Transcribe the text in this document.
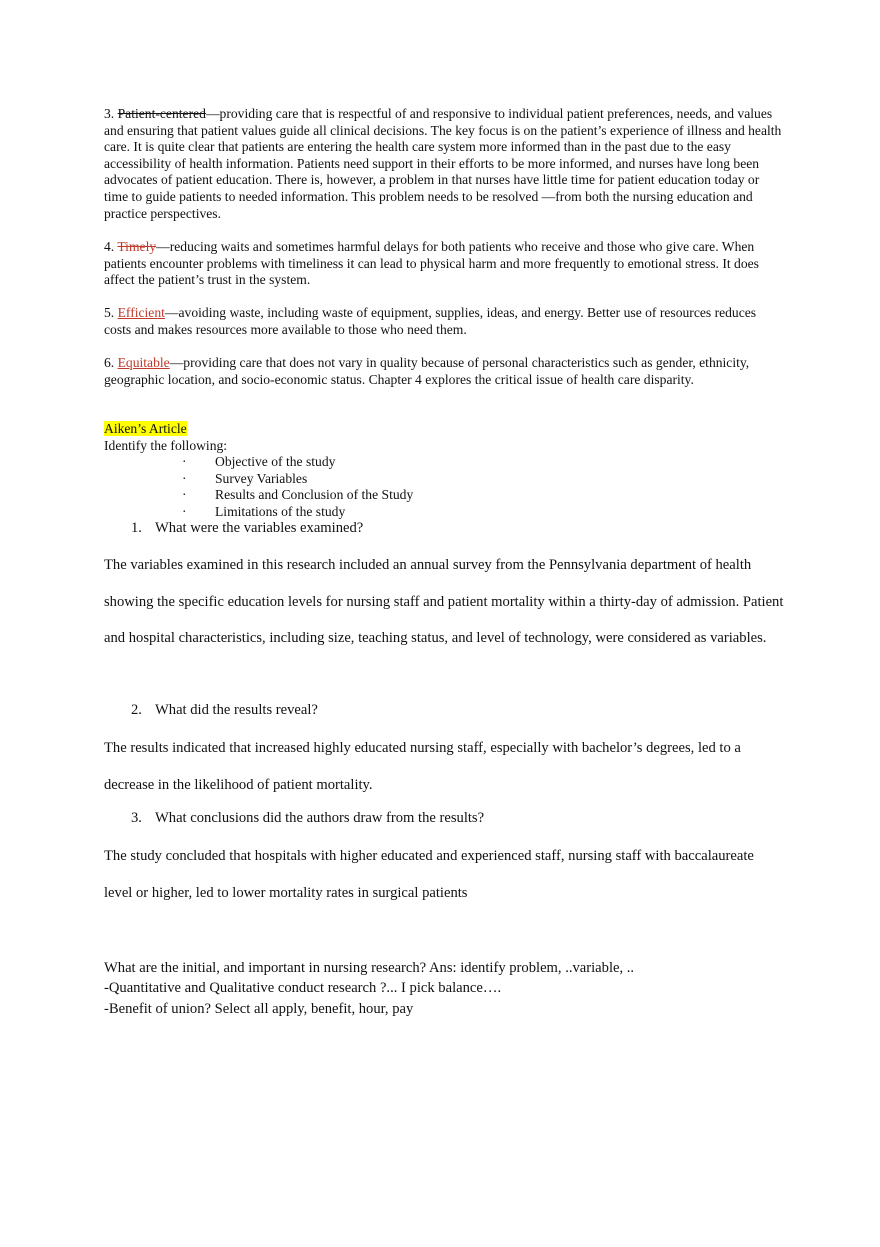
3. Patient-centered—providing care that is respectful of and responsive to individual patient preferences, needs, and values and ensuring that patient values guide all clinical decisions. The key focus is on the patient’s experience of illness and health care. It is quite clear that patients are entering the health care system more informed than in the past due to the easy accessibility of health information. Patients need support in their efforts to be more informed, and nurses have long been advocates of patient education. There is, however, a problem in that nurses have little time for patient education today or time to guide patients to needed information. This problem needs to be resolved —from both the nursing education and practice perspectives.

4. Timely—reducing waits and sometimes harmful delays for both patients who receive and those who give care. When patients encounter problems with timeliness it can lead to physical harm and more frequently to emotional stress. It does affect the patient’s trust in the system.

5. Efficient—avoiding waste, including waste of equipment, supplies, ideas, and energy. Better use of resources reduces costs and makes resources more available to those who need them.

6. Equitable—providing care that does not vary in quality because of personal characteristics such as gender, ethnicity, geographic location, and socio-economic status. Chapter 4 explores the critical issue of health care disparity.

Aiken’s Article
Identify the following:
· Objective of the study
· Survey Variables
· Results and Conclusion of the Study
· Limitations of the study
1. What were the variables examined?

The variables examined in this research included an annual survey from the Pennsylvania department of health showing the specific education levels for nursing staff and patient mortality within a thirty-day of admission. Patient and hospital characteristics, including size, teaching status, and level of technology, were considered as variables.

2. What did the results reveal?

The results indicated that increased highly educated nursing staff, especially with bachelor’s degrees, led to a decrease in the likelihood of patient mortality.

3. What conclusions did the authors draw from the results?

The study concluded that hospitals with higher educated and experienced staff, nursing staff with baccalaureate level or higher, led to lower mortality rates in surgical patients

What are the initial, and important in nursing research? Ans: identify problem, ..variable, ..
-Quantitative and Qualitative conduct research ?... I pick balance….
-Benefit of union? Select all apply, benefit, hour, pay
